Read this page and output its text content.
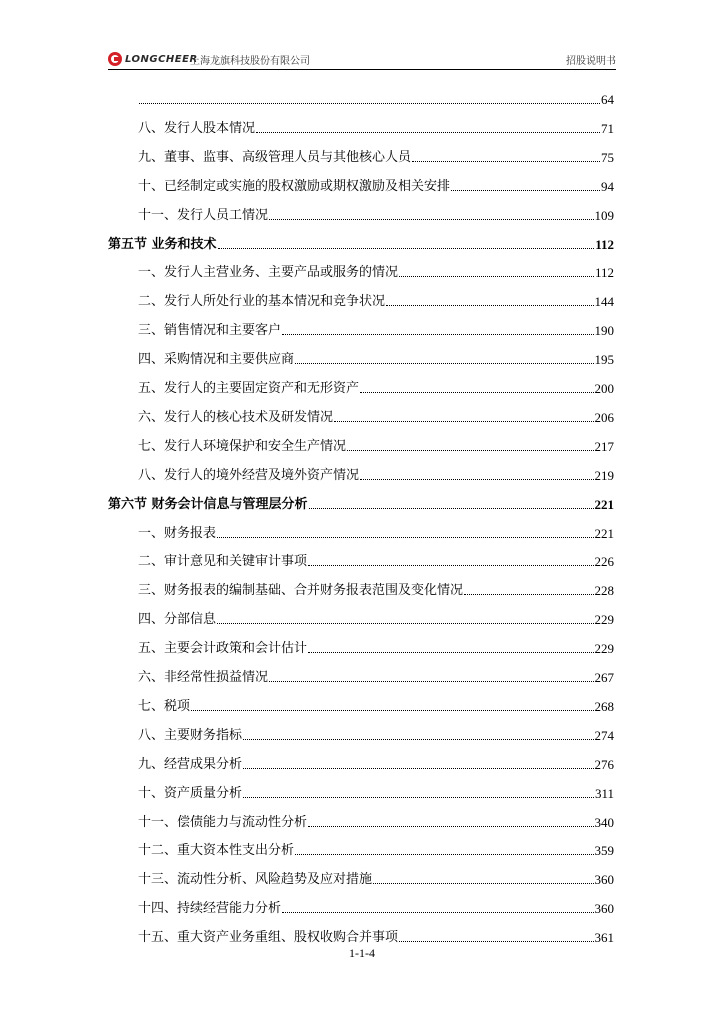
LONGCHEER
上海龙旗科技股份有限公司	招股说明书
64
八、发行人股本情况	71
九、董事、监事、高级管理人员与其他核心人员	75
十、已经制定或实施的股权激励或期权激励及相关安排	94
十一、发行人员工情况	109
第五节 业务和技术	112
一、发行人主营业务、主要产品或服务的情况	112
二、发行人所处行业的基本情况和竞争状况	144
三、销售情况和主要客户	190
四、采购情况和主要供应商	195
五、发行人的主要固定资产和无形资产	200
六、发行人的核心技术及研发情况	206
七、发行人环境保护和安全生产情况	217
八、发行人的境外经营及境外资产情况	219
第六节 财务会计信息与管理层分析	221
一、财务报表	221
二、审计意见和关键审计事项	226
三、财务报表的编制基础、合并财务报表范围及变化情况	228
四、分部信息	229
五、主要会计政策和会计估计	229
六、非经常性损益情况	267
七、税项	268
八、主要财务指标	274
九、经营成果分析	276
十、资产质量分析	311
十一、偿债能力与流动性分析	340
十二、重大资本性支出分析	359
十三、流动性分析、风险趋势及应对措施	360
十四、持续经营能力分析	360
十五、重大资产业务重组、股权收购合并事项	361
1-1-4
